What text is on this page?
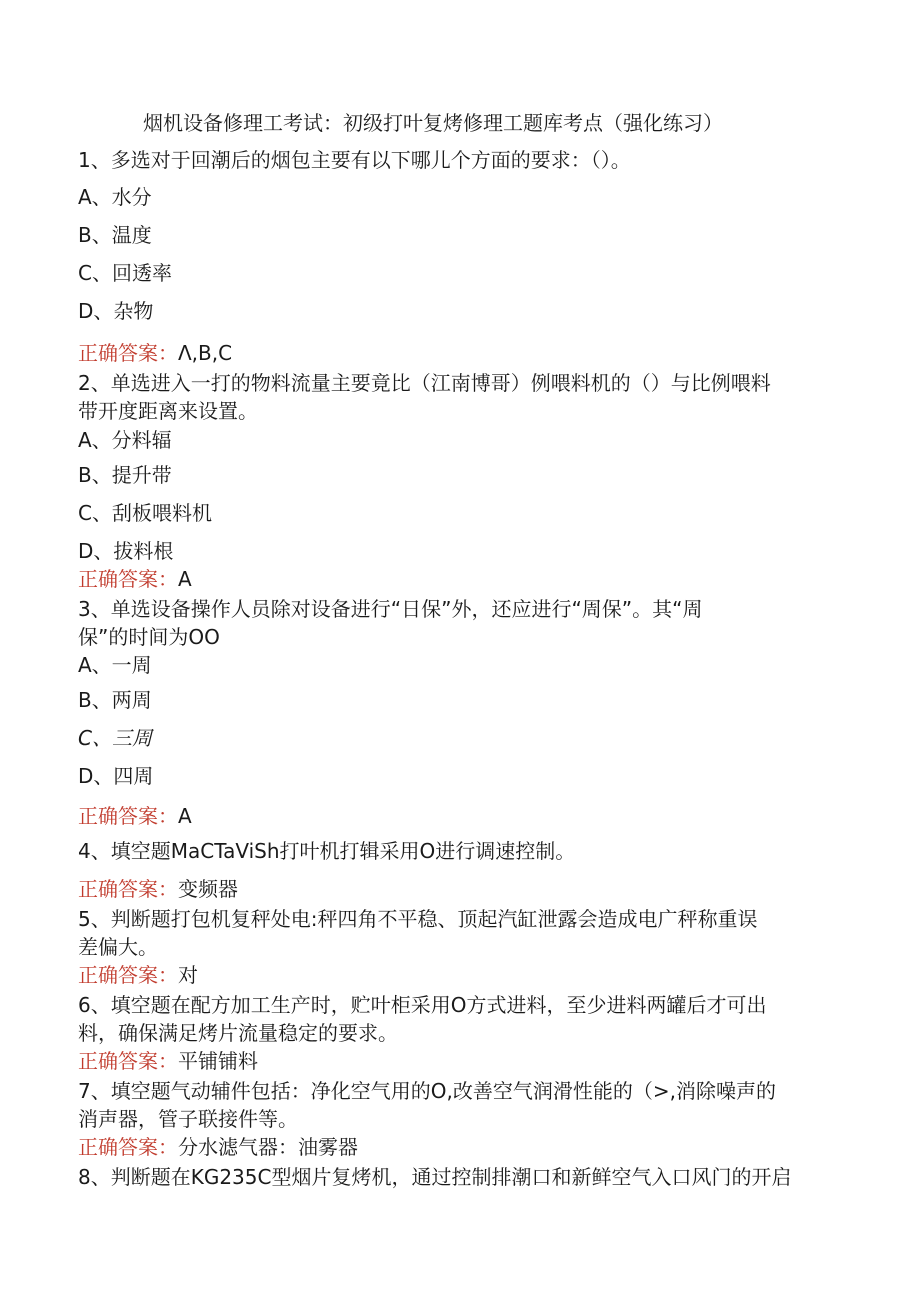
烟机设备修理工考试：初级打叶复烤修理工题库考点（强化练习）
1、多选对于回潮后的烟包主要有以下哪儿个方面的要求：（）。
A、水分
B、温度
C、回透率
D、杂物
正确答案：Λ,B,C
2、单选进入一打的物料流量主要竟比（江南博哥）例喂料机的（）与比例喂料
带开度距离来设置。
A、分料辐
B、提升带
C、刮板喂料机
D、拔料根
正确答案：A
3、单选设备操作人员除对设备进行“日保”外，还应进行“周保”。其“周
保”的时间为OO
A、一周
B、两周
C、三周
D、四周
正确答案：A
4、填空题MaCTaViSh打叶机打辑采用O进行调速控制。
正确答案：变频器
5、判断题打包机复秤处电:秤四角不平稳、顶起汽缸泄露会造成电广秤称重误
差偏大。
正确答案：对
6、填空题在配方加工生产时，贮叶柜采用O方式进料，至少进料两罐后才可出
料，确保满足烤片流量稳定的要求。
正确答案：平铺铺料
7、填空题气动辅件包括：净化空气用的O,改善空气润滑性能的（>,消除噪声的
消声器，管子联接件等。
正确答案：分水滤气器：油雾器
8、判断题在KG235C型烟片复烤机，通过控制排潮口和新鲜空气入口风门的开启
